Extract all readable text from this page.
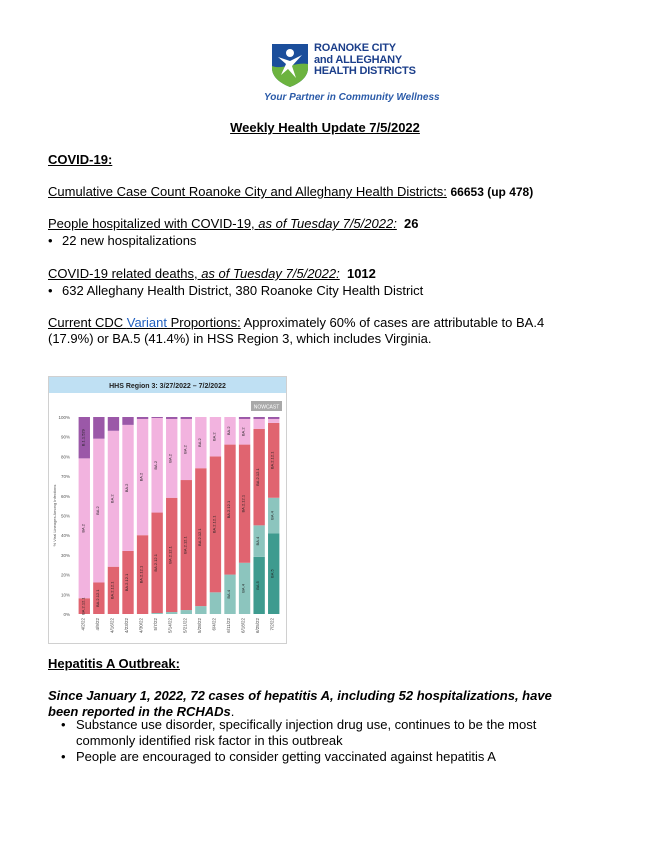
ROANOKE CITY
and ALLEGHANY
HEALTH DISTRICTS
Your Partner in Community Wellness
Weekly Health Update 7/5/2022
COVID-19:
Cumulative Case Count Roanoke City and Alleghany Health Districts: 66653 (up 478)
People hospitalized with COVID-19, as of Tuesday 7/5/2022: 26
• 22 new hospitalizations
COVID-19 related deaths, as of Tuesday 7/5/2022: 1012
• 632 Alleghany Health District, 380 Roanoke City Health District
Current CDC Variant Proportions: Approximately 60% of cases are attributable to BA.4
(17.9%) or BA.5 (41.4%) in HSS Region 3, which includes Virginia.
HHS Region 3: 3/27/2022 – 7/2/2022
NOWCAST
0%
10%
20%
30%
40%
50%
60%
70%
80%
90%
100%
% Viral Lineages Among Infections
BA.2.12.1
BA.2
B.1.1.529
4/2/22
BA.2.12.1
BA.2
4/9/22
BA.2.12.1
BA.2
4/16/22
BA.2.12.1
BA.2
4/23/22
BA.2.12.1
BA.2
4/30/22
BA.2.12.1
BA.2
5/7/22
BA.2.12.1
BA.2
5/14/22
BA.2.12.1
BA.2
5/21/22
BA.2.12.1
BA.2
5/28/22
BA.2.12.1
BA.2
6/4/22
BA.4
BA.2.12.1
BA.2
6/11/22
BA.4
BA.2.12.1
BA.2
6/18/22
BA.5
BA.4
BA.2.12.1
6/25/22
BA.5
BA.4
BA.2.12.1
7/2/22
Hepatitis A Outbreak:
Since January 1, 2022, 72 cases of hepatitis A, including 52 hospitalizations, have
been reported in the RCHADs.
• Substance use disorder, specifically injection drug use, continues to be the most
commonly identified risk factor in this outbreak
• People are encouraged to consider getting vaccinated against hepatitis A
